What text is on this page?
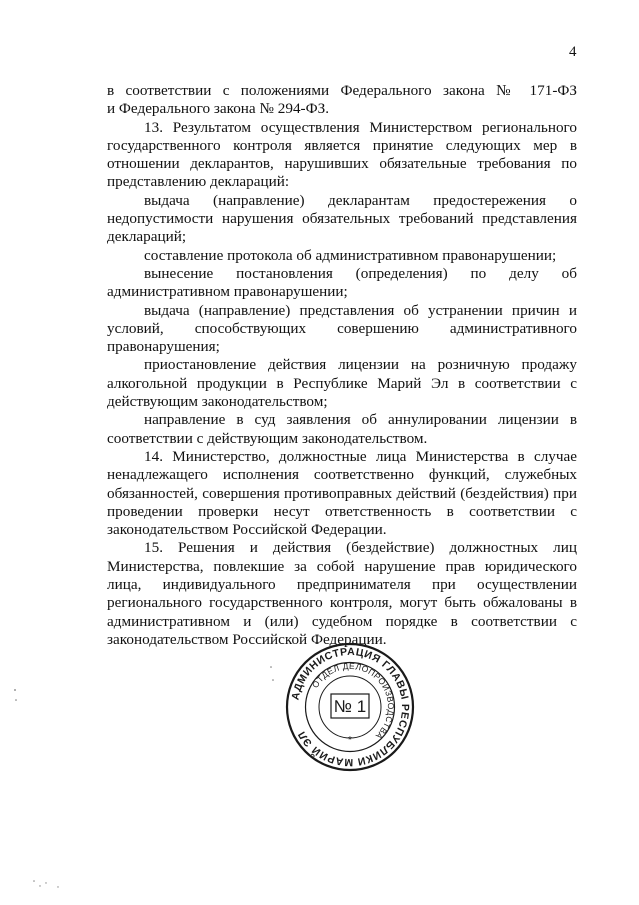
4

в соответствии с положениями Федерального закона № 171-ФЗ

и Федерального закона № 294-ФЗ.

13. Результатом осуществления Министерством регионального государственного контроля является принятие следующих мер в отношении декларантов, нарушивших обязательные требования по представлению деклараций:

выдача (направление) декларантам предостережения о недопустимости нарушения обязательных требований представления деклараций;

составление протокола об административном правонарушении;

вынесение постановления (определения) по делу об административном правонарушении;

выдача (направление) представления об устранении причин и условий, способствующих совершению административного правонарушения;

приостановление действия лицензии на розничную продажу алкогольной продукции в Республике Марий Эл в соответствии с действующим законодательством;

направление в суд заявления об аннулировании лицензии в соответствии с действующим законодательством.

14. Министерство, должностные лица Министерства в случае ненадлежащего исполнения соответственно функций, служебных обязанностей, совершения противоправных действий (бездействия) при проведении проверки несут ответственность в соответствии с законодательством Российской Федерации.

15. Решения и действия (бездействие) должностных лиц Министерства, повлекшие за собой нарушение прав юридического лица, индивидуального предпринимателя при осуществлении регионального государственного контроля, могут быть обжалованы в административном и (или) судебном порядке в соответствии с законодательством Российской Федерации.

АДМИНИСТРАЦИЯ ГЛАВЫ РЕСПУБЛИКИ МАРИЙ ЭЛ
ОТДЕЛ ДЕЛОПРОИЗВОДСТВА
№ 1
*
